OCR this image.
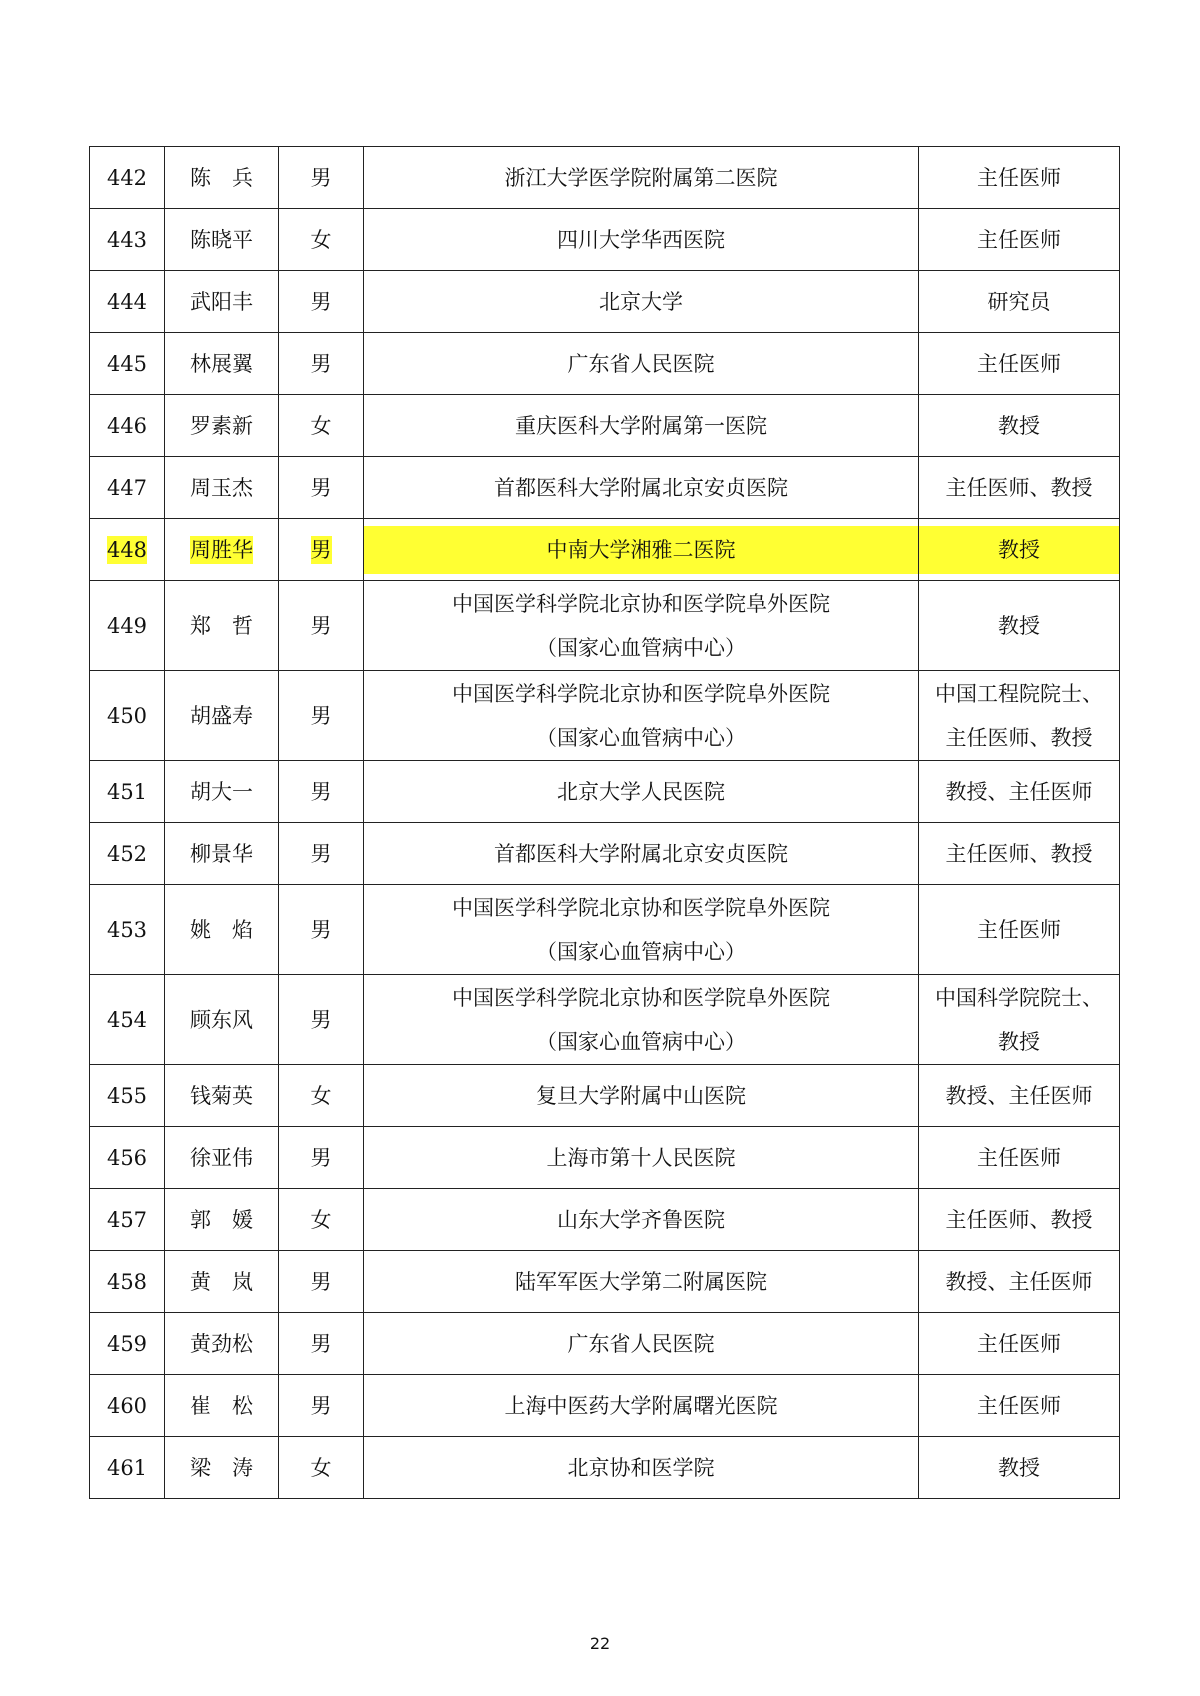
442	陈　兵	男	浙江大学医学院附属第二医院	主任医师

443	陈晓平	女	四川大学华西医院	主任医师

444	武阳丰	男	北京大学	研究员

445	林展翼	男	广东省人民医院	主任医师

446	罗素新	女	重庆医科大学附属第一医院	教授

447	周玉杰	男	首都医科大学附属北京安贞医院	主任医师、教授

448	周胜华	男	中南大学湘雅二医院	教授

449	郑　哲	男	中国医学科学院北京协和医学院阜外医院
（国家心血管病中心）	教授

450	胡盛寿	男	中国医学科学院北京协和医学院阜外医院
（国家心血管病中心）	中国工程院院士、
主任医师、教授

451	胡大一	男	北京大学人民医院	教授、主任医师

452	柳景华	男	首都医科大学附属北京安贞医院	主任医师、教授

453	姚　焰	男	中国医学科学院北京协和医学院阜外医院
（国家心血管病中心）	主任医师

454	顾东风	男	中国医学科学院北京协和医学院阜外医院
（国家心血管病中心）	中国科学院院士、
教授

455	钱菊英	女	复旦大学附属中山医院	教授、主任医师

456	徐亚伟	男	上海市第十人民医院	主任医师

457	郭　媛	女	山东大学齐鲁医院	主任医师、教授

458	黄　岚	男	陆军军医大学第二附属医院	教授、主任医师

459	黄劲松	男	广东省人民医院	主任医师

460	崔　松	男	上海中医药大学附属曙光医院	主任医师

461	梁　涛	女	北京协和医学院	教授
22
